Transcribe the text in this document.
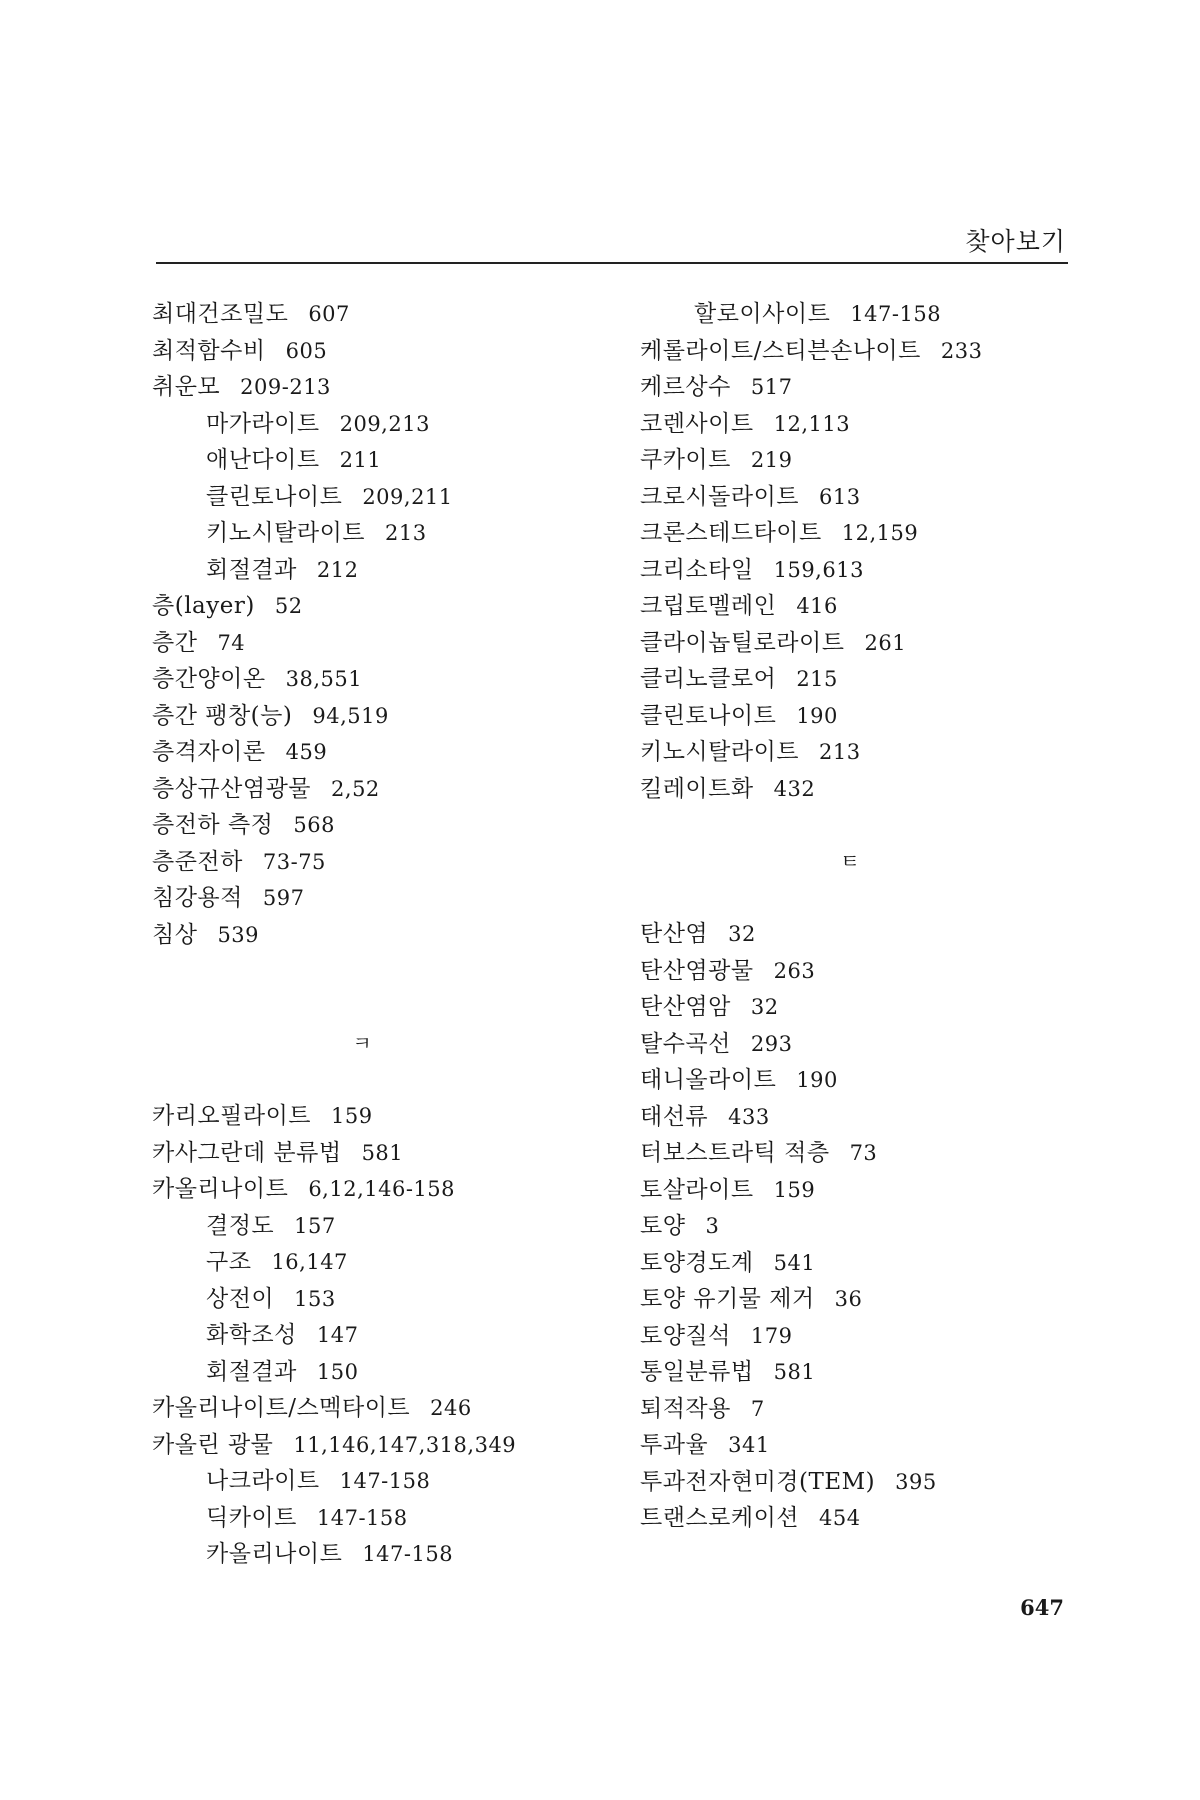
찾아보기
최대건조밀도 607
최적함수비 605
취운모 209-213
마가라이트 209,213
애난다이트 211
클린토나이트 209,211
키노시탈라이트 213
회절결과 212
층(layer) 52
층간 74
층간양이온 38,551
층간 팽창(능) 94,519
층격자이론 459
층상규산염광물 2,52
층전하 측정 568
층준전하 73-75
침강용적 597
침상 539
ㅋ
카리오필라이트 159
카사그란데 분류법 581
카올리나이트 6,12,146-158
결정도 157
구조 16,147
상전이 153
화학조성 147
회절결과 150
카올리나이트/스멕타이트 246
카올린 광물 11,146,147,318,349
나크라이트 147-158
딕카이트 147-158
카올리나이트 147-158
할로이사이트 147-158
케롤라이트/스티븐손나이트 233
케르상수 517
코렌사이트 12,113
쿠카이트 219
크로시돌라이트 613
크론스테드타이트 12,159
크리소타일 159,613
크립토멜레인 416
클라이놉틸로라이트 261
클리노클로어 215
클린토나이트 190
키노시탈라이트 213
킬레이트화 432
ㅌ
탄산염 32
탄산염광물 263
탄산염암 32
탈수곡선 293
태니올라이트 190
태선류 433
터보스트라틱 적층 73
토살라이트 159
토양 3
토양경도계 541
토양 유기물 제거 36
토양질석 179
통일분류법 581
퇴적작용 7
투과율 341
투과전자현미경(TEM) 395
트랜스로케이션 454
647
